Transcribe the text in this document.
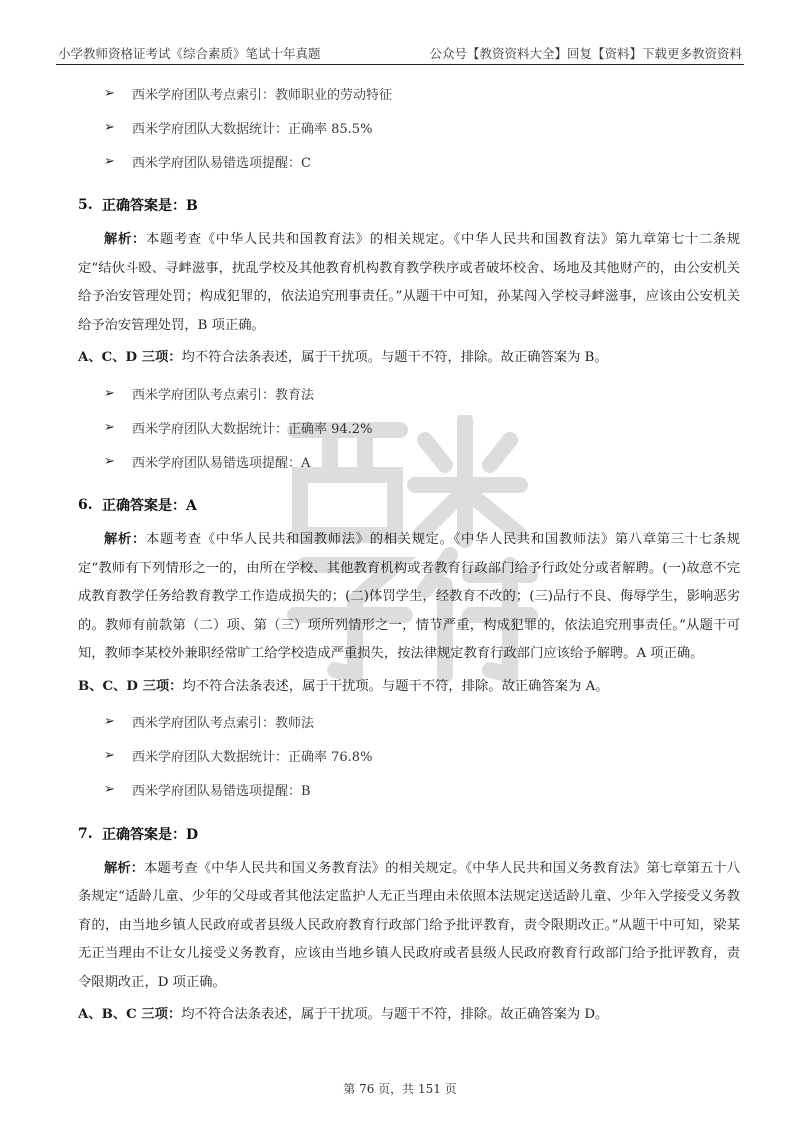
小学教师资格证考试《综合素质》笔试十年真题	公众号【教资资料大全】回复【资料】下载更多教资资料
➢	西米学府团队考点索引：教师职业的劳动特征
➢	西米学府团队大数据统计：正确率 85.5%
➢	西米学府团队易错选项提醒：C
5. 正确答案是：B

解析：本题考查《中华人民共和国教育法》的相关规定。《中华人民共和国教育法》第九章第七十二条规定“结伙斗殴、寻衅滋事，扰乱学校及其他教育机构教育教学秩序或者破坏校舍、场地及其他财产的，由公安机关给予治安管理处罚；构成犯罪的，依法追究刑事责任。”从题干中可知，孙某闯入学校寻衅滋事，应该由公安机关给予治安管理处罚，B 项正确。

A、C、D 三项： 均不符合法条表述，属于干扰项。与题干不符，排除。故正确答案为 B。
➢	西米学府团队考点索引：教育法
➢	西米学府团队大数据统计：正确率 94.2%
➢	西米学府团队易错选项提醒：A
6. 正确答案是：A

解析：本题考查《中华人民共和国教师法》的相关规定。《中华人民共和国教师法》第八章第三十七条规定“教师有下列情形之一的，由所在学校、其他教育机构或者教育行政部门给予行政处分或者解聘。(一)故意不完成教育教学任务给教育教学工作造成损失的；(二)体罚学生，经教育不改的；(三)品行不良、侮辱学生，影响恶劣的。教师有前款第（二）项、第（三）项所列情形之一，情节严重，构成犯罪的，依法追究刑事责任。”从题干可知，教师李某校外兼职经常旷工给学校造成严重损失，按法律规定教育行政部门应该给予解聘。A 项正确。

B、C、D 三项： 均不符合法条表述，属于干扰项。与题干不符，排除。故正确答案为 A。
➢	西米学府团队考点索引：教师法
➢	西米学府团队大数据统计：正确率 76.8%
➢	西米学府团队易错选项提醒：B
7. 正确答案是：D

解析：本题考查《中华人民共和国义务教育法》的相关规定。《中华人民共和国义务教育法》第七章第五十八条规定“适龄儿童、少年的父母或者其他法定监护人无正当理由未依照本法规定送适龄儿童、少年入学接受义务教育的，由当地乡镇人民政府或者县级人民政府教育行政部门给予批评教育，责令限期改正。”从题干中可知，梁某无正当理由不让女儿接受义务教育，应该由当地乡镇人民政府或者县级人民政府教育行政部门给予批评教育，责令限期改正，D 项正确。

A、B、C 三项： 均不符合法条表述，属于干扰项。与题干不符，排除。故正确答案为 D。
第 76 页，共 151 页
